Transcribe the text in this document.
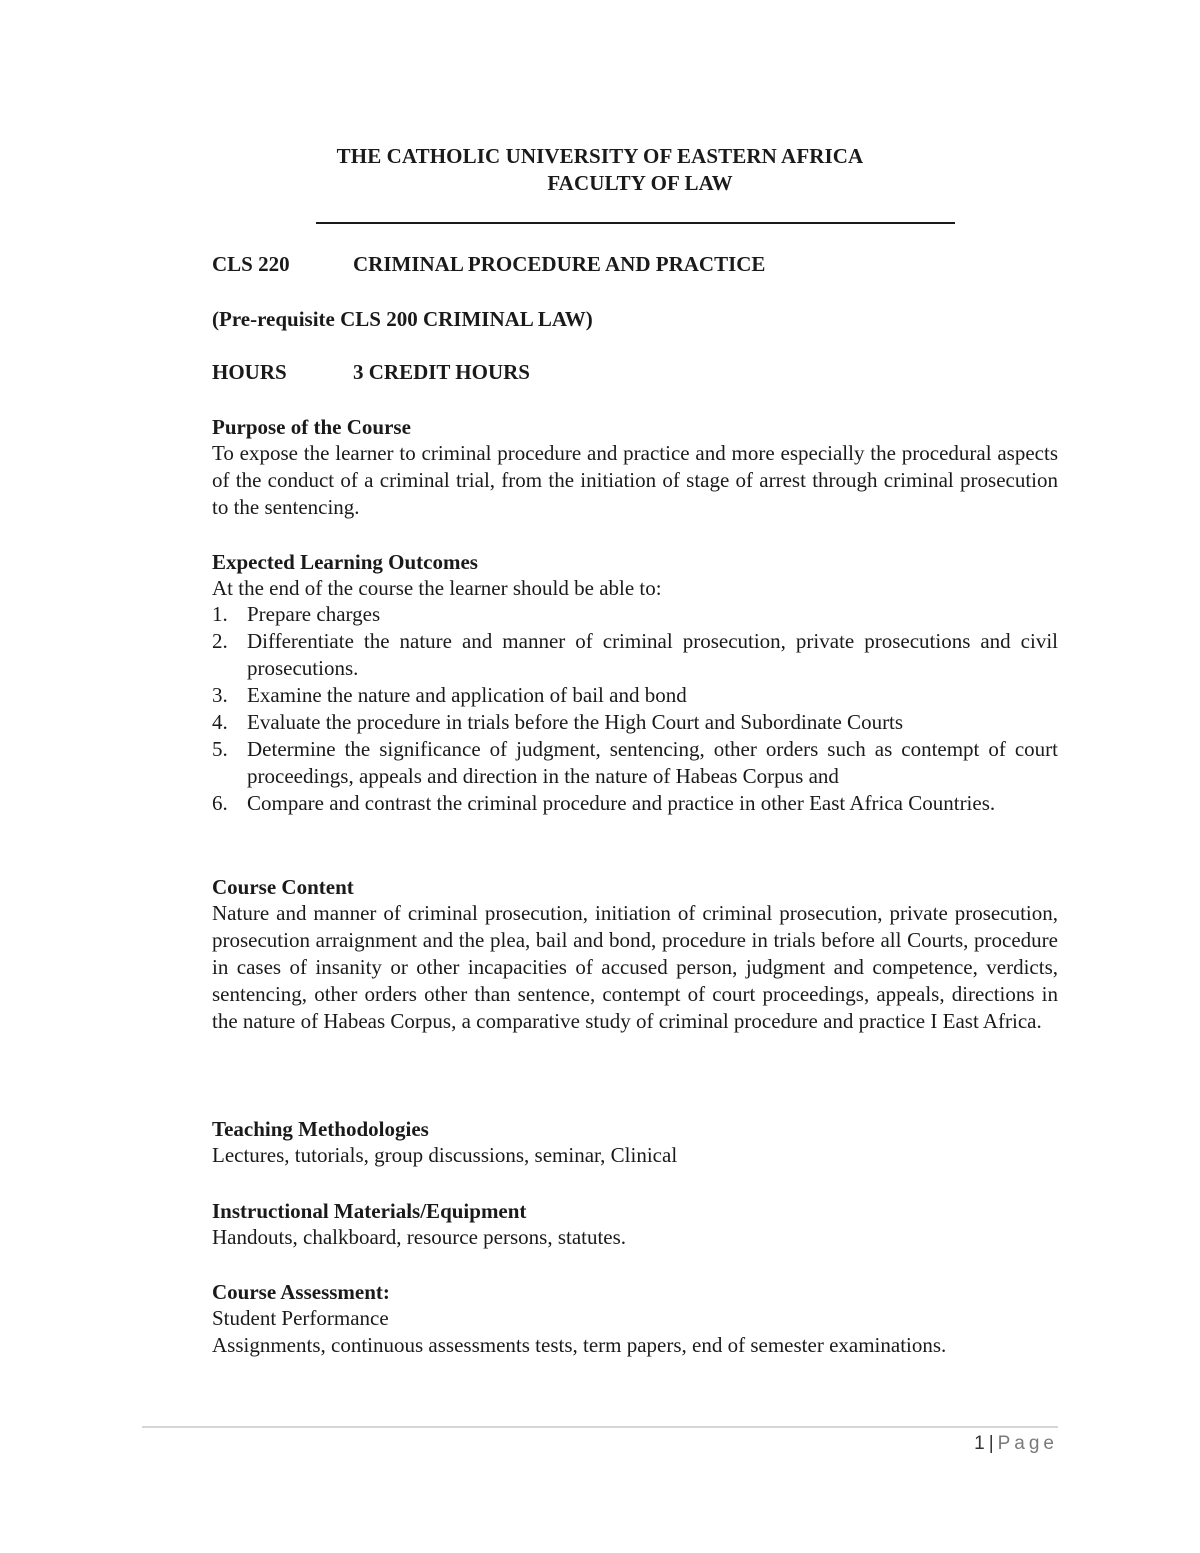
THE CATHOLIC UNIVERSITY OF EASTERN AFRICA
FACULTY OF LAW
CLS 220	CRIMINAL PROCEDURE AND PRACTICE
(Pre-requisite CLS 200 CRIMINAL LAW)
HOURS	3 CREDIT HOURS
Purpose of the Course
To expose the learner to criminal procedure and practice and more especially the procedural aspects of the conduct of a criminal trial, from the initiation of stage of arrest through criminal prosecution to the sentencing.
Expected Learning Outcomes
At the end of the course the learner should be able to:
1. Prepare charges
2. Differentiate the nature and manner of criminal prosecution, private prosecutions and civil prosecutions.
3. Examine the nature and application of bail and bond
4. Evaluate the procedure in trials before the High Court and Subordinate Courts
5. Determine the significance of judgment, sentencing, other orders such as contempt of court proceedings, appeals and direction in the nature of Habeas Corpus and
6. Compare and contrast the criminal procedure and practice in other East Africa Countries.
Course Content
Nature and manner of criminal prosecution, initiation of criminal prosecution, private prosecution, prosecution arraignment and the plea, bail and bond, procedure in trials before all Courts, procedure in cases of insanity or other incapacities of accused person, judgment and competence, verdicts, sentencing, other orders other than sentence, contempt of court proceedings, appeals, directions in the nature of Habeas Corpus, a comparative study of criminal procedure and practice I East Africa.
Teaching Methodologies
Lectures, tutorials, group discussions, seminar, Clinical
Instructional Materials/Equipment
Handouts, chalkboard, resource persons, statutes.
Course Assessment:
Student Performance
Assignments, continuous assessments tests, term papers, end of semester examinations.
1 | Page
